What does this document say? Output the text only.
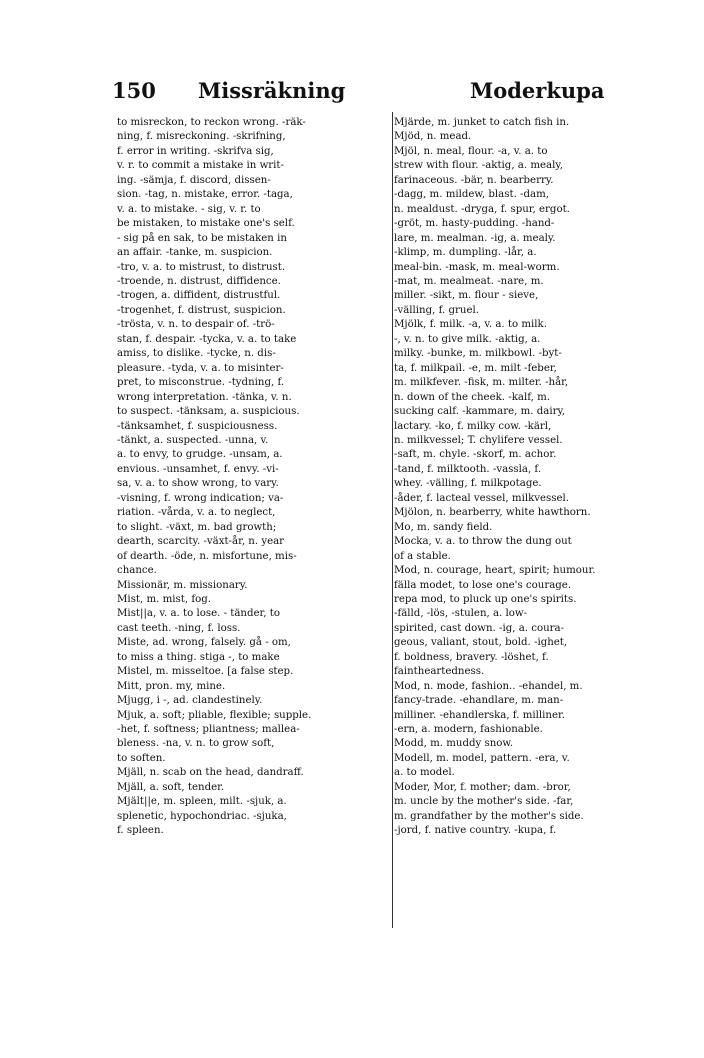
150 Missräkning	Moderkupa
to misreckon, to reckon wrong. -räk-
ning, f. misreckoning. -skrifning,
f. error in writing. -skrifva sig,
v. r. to commit a mistake in writ-
ing. -sämja, f. discord, dissen-
sion. -tag, n. mistake, error. -taga,
v. a. to mistake. - sig, v. r. to
be mistaken, to mistake one's self.
- sig på en sak, to be mistaken in
an affair. -tanke, m. suspicion.
-tro, v. a. to mistrust, to distrust.
-troende, n. distrust, diffidence.
-trogen, a. diffident, distrustful.
-trogenhet, f. distrust, suspicion.
-trösta, v. n. to despair of. -trö-
stan, f. despair. -tycka, v. a. to take
amiss, to dislike. -tycke, n. dis-
pleasure. -tyda, v. a. to misinter-
pret, to misconstrue. -tydning, f.
wrong interpretation. -tänka, v. n.
to suspect. -tänksam, a. suspicious.
-tänksamhet, f. suspiciousness.
-tänkt, a. suspected. -unna, v.
a. to envy, to grudge. -unsam, a.
envious. -unsamhet, f. envy. -vi-
sa, v. a. to show wrong, to vary.
-visning, f. wrong indication; va-
riation. -vårda, v. a. to neglect,
to slight. -växt, m. bad growth;
dearth, scarcity. -växt-år, n. year
of dearth. -öde, n. misfortune, mis-
chance.
Missionär, m. missionary.
Mist, m. mist, fog.
Mist||a, v. a. to lose. - tänder, to
cast teeth. -ning, f. loss.
Miste, ad. wrong, falsely. gå - om,
to miss a thing. stiga -, to make
Mistel, m. misseltoe. [a false step.
Mitt, pron. my, mine.
Mjugg, i -, ad. clandestinely.
Mjuk, a. soft; pliable, flexible; supple.
-het, f. softness; pliantness; mallea-
bleness. -na, v. n. to grow soft,
to soften.
Mjäll, n. scab on the head, dandraff.
Mjäll, a. soft, tender.
Mjält||e, m. spleen, milt. -sjuk, a.
splenetic, hypochondriac. -sjuka,
f. spleen.
Mjärde, m. junket to catch fish in.
Mjöd, n. mead.
Mjöl, n. meal, flour. -a, v. a. to
strew with flour. -aktig, a. mealy,
farinaceous. -bär, n. bearberry.
-dagg, m. mildew, blast. -dam,
n. mealdust. -dryga, f. spur, ergot.
-gröt, m. hasty-pudding. -hand-
lare, m. mealman. -ig, a. mealy.
-klimp, m. dumpling. -lår, a.
meal-bin. -mask, m. meal-worm.
-mat, m. mealmeat. -nare, m.
miller. -sikt, m. flour - sieve,
-välling, f. gruel.
Mjölk, f. milk. -a, v. a. to milk.
-, v. n. to give milk. -aktig, a.
milky. -bunke, m. milkbowl. -byt-
ta, f. milkpail. -e, m. milt -feber,
m. milkfever. -fisk, m. milter. -hår,
n. down of the cheek. -kalf, m.
sucking calf. -kammare, m. dairy,
lactary. -ko, f. milky cow. -kärl,
n. milkvessel; T. chylifere vessel.
-saft, m. chyle. -skorf, m. achor.
-tand, f. milktooth. -vassla, f.
whey. -välling, f. milkpotage.
-åder, f. lacteal vessel, milkvessel.
Mjölon, n. bearberry, white hawthorn.
Mo, m. sandy field.
Mocka, v. a. to throw the dung out
of a stable.
Mod, n. courage, heart, spirit; humour.
fälla modet, to lose one's courage.
repa mod, to pluck up one's spirits.
-fälld, -lös, -stulen, a. low-
spirited, cast down. -ig, a. coura-
geous, valiant, stout, bold. -ighet,
f. boldness, bravery. -löshet, f.
faintheartedness.
Mod, n. mode, fashion.. -ehandel, m.
fancy-trade. -ehandlare, m. man-
milliner. -ehandlerska, f. milliner.
-ern, a. modern, fashionable.
Modd, m. muddy snow.
Modell, m. model, pattern. -era, v.
a. to model.
Moder, Mor, f. mother; dam. -bror,
m. uncle by the mother's side. -far,
m. grandfather by the mother's side.
-jord, f. native country. -kupa, f.
